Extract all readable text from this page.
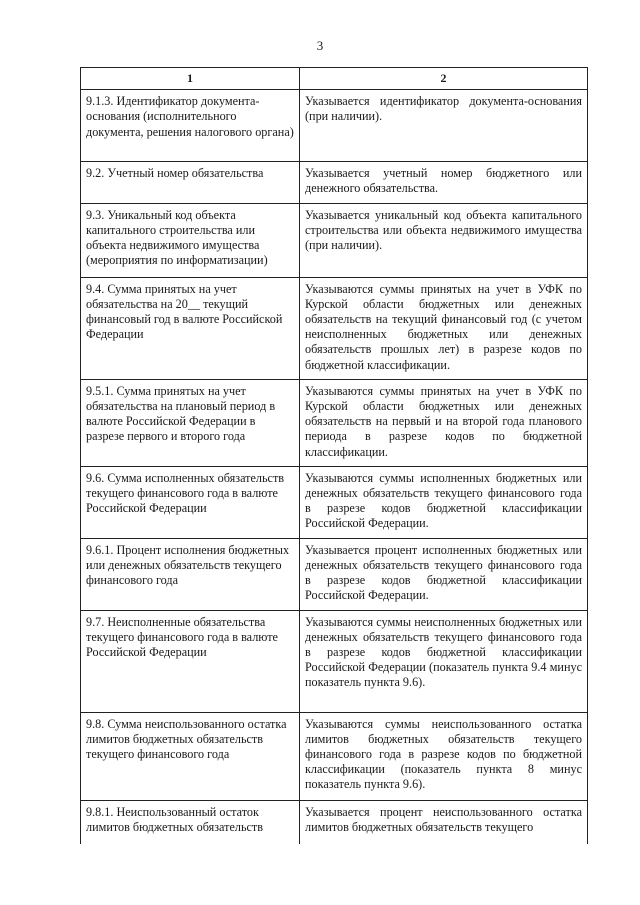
3
1	2
9.1.3. Идентификатор документа-основания (исполнительного документа, решения налогового органа)	Указывается идентификатор документа-основания (при наличии).
9.2. Учетный номер обязательства	Указывается учетный номер бюджетного или денежного обязательства.
9.3. Уникальный код объекта капитального строительства или объекта недвижимого имущества (мероприятия по информатизации)	Указывается уникальный код объекта капитального строительства или объекта недвижимого имущества (при наличии).
9.4. Сумма принятых на учет обязательства на 20__ текущий финансовый год в валюте Российской Федерации	Указываются суммы принятых на учет в УФК по Курской области бюджетных или денежных обязательств на текущий финансовый год (с учетом неисполненных бюджетных или денежных обязательств прошлых лет) в разрезе кодов по бюджетной классификации.
9.5.1. Сумма принятых на учет обязательства на плановый период в валюте Российской Федерации в разрезе первого и второго года	Указываются суммы принятых на учет в УФК по Курской области бюджетных или денежных обязательств на первый и на второй года планового периода в разрезе кодов по бюджетной классификации.
9.6. Сумма исполненных обязательств текущего финансового года в валюте Российской Федерации	Указываются суммы исполненных бюджетных или денежных обязательств текущего финансового года в разрезе кодов бюджетной классификации Российской Федерации.
9.6.1. Процент исполнения бюджетных или денежных обязательств текущего финансового года	Указывается процент исполненных бюджетных или денежных обязательств текущего финансового года в разрезе кодов бюджетной классификации Российской Федерации.
9.7. Неисполненные обязательства текущего финансового года в валюте Российской Федерации	Указываются суммы неисполненных бюджетных или денежных обязательств текущего финансового года в разрезе кодов бюджетной классификации Российской Федерации (показатель пункта 9.4 минус показатель пункта 9.6).
9.8. Сумма неиспользованного остатка лимитов бюджетных обязательств текущего финансового года	Указываются суммы неиспользованного остатка лимитов бюджетных обязательств текущего финансового года в разрезе кодов по бюджетной классификации (показатель пункта 8 минус показатель пункта 9.6).
9.8.1. Неиспользованный остаток лимитов бюджетных обязательств	Указывается процент неиспользованного остатка лимитов бюджетных обязательств текущего
